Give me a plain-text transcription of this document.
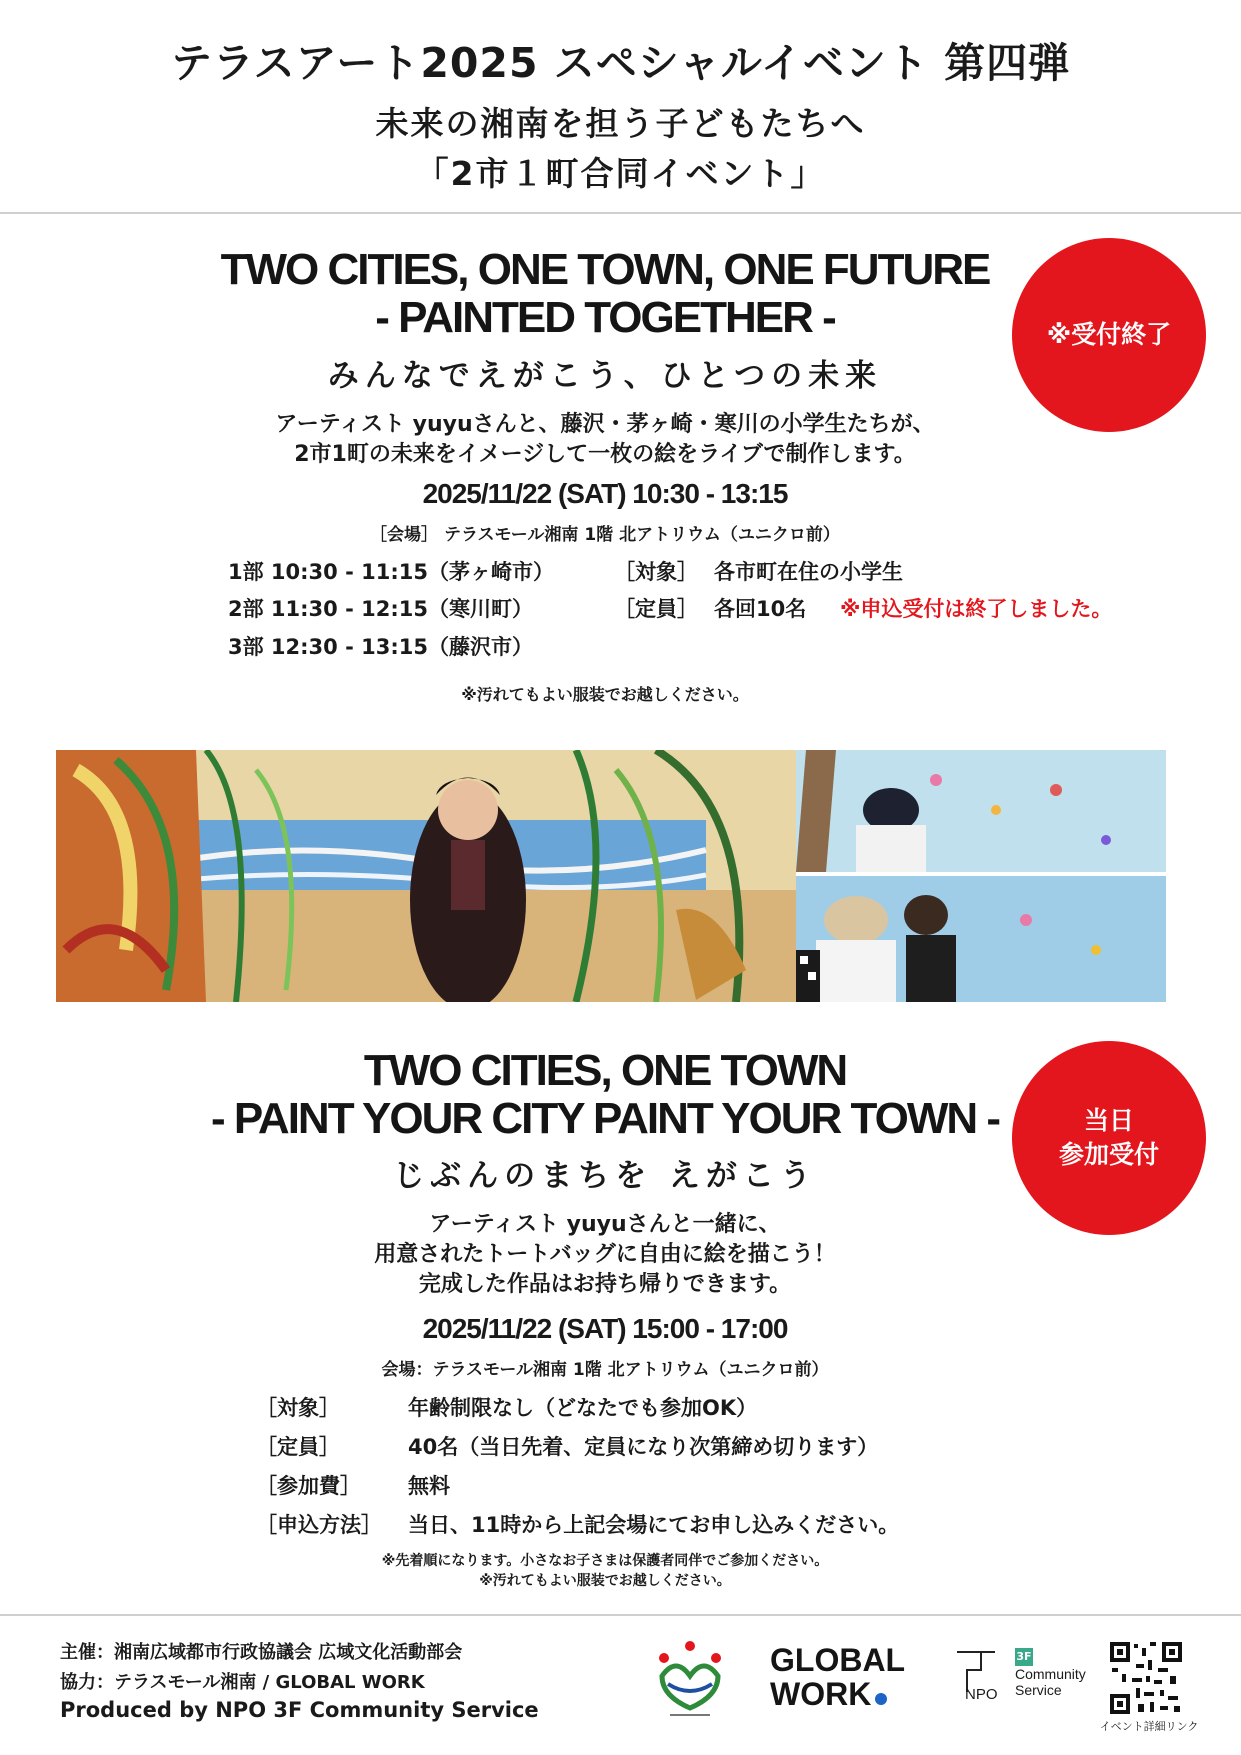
テラスアート2025 スペシャルイベント 第四弾
未来の湘南を担う子どもたちへ
「2市１町合同イベント」
TWO CITIES, ONE TOWN, ONE FUTURE
- PAINTED TOGETHER -
みんなでえがこう、ひとつの未来
※受付終了
アーティスト yuyuさんと、藤沢・茅ヶ崎・寒川の小学生たちが、
2市1町の未来をイメージして一枚の絵をライブで制作します。
2025/11/22 (SAT) 10:30 - 13:15
［会場］ テラスモール湘南 1階 北アトリウム（ユニクロ前）
1部 10:30 - 11:15（茅ヶ崎市）
2部 11:30 - 12:15（寒川町）
3部 12:30 - 13:15（藤沢市）
［対象］ 各市町在住の小学生
［定員］ 各回10名 ※申込受付は終了しました。
※汚れてもよい服装でお越しください。
TWO CITIES, ONE TOWN
- PAINT YOUR CITY PAINT YOUR TOWN -
じぶんのまちを えがこう
当日
参加受付
アーティスト yuyuさんと一緒に、
用意されたトートバッグに自由に絵を描こう！
完成した作品はお持ち帰りできます。
2025/11/22 (SAT) 15:00 - 17:00
会場：テラスモール湘南 1階 北アトリウム（ユニクロ前）
［対象］	年齢制限なし（どなたでも参加OK）
［定員］	40名（当日先着、定員になり次第締め切ります）
［参加費］ 無料
［申込方法］ 当日、11時から上記会場にてお申し込みください。
※先着順になります。小さなお子さまは保護者同伴でご参加ください。
※汚れてもよい服装でお越しください。
主催：湘南広域都市行政協議会 広域文化活動部会
協力：テラスモール湘南 / GLOBAL WORK
Produced by NPO 3F Community Service
GLOBAL
WORK
3F
Community
Service
NPO
イベント詳細リンク
